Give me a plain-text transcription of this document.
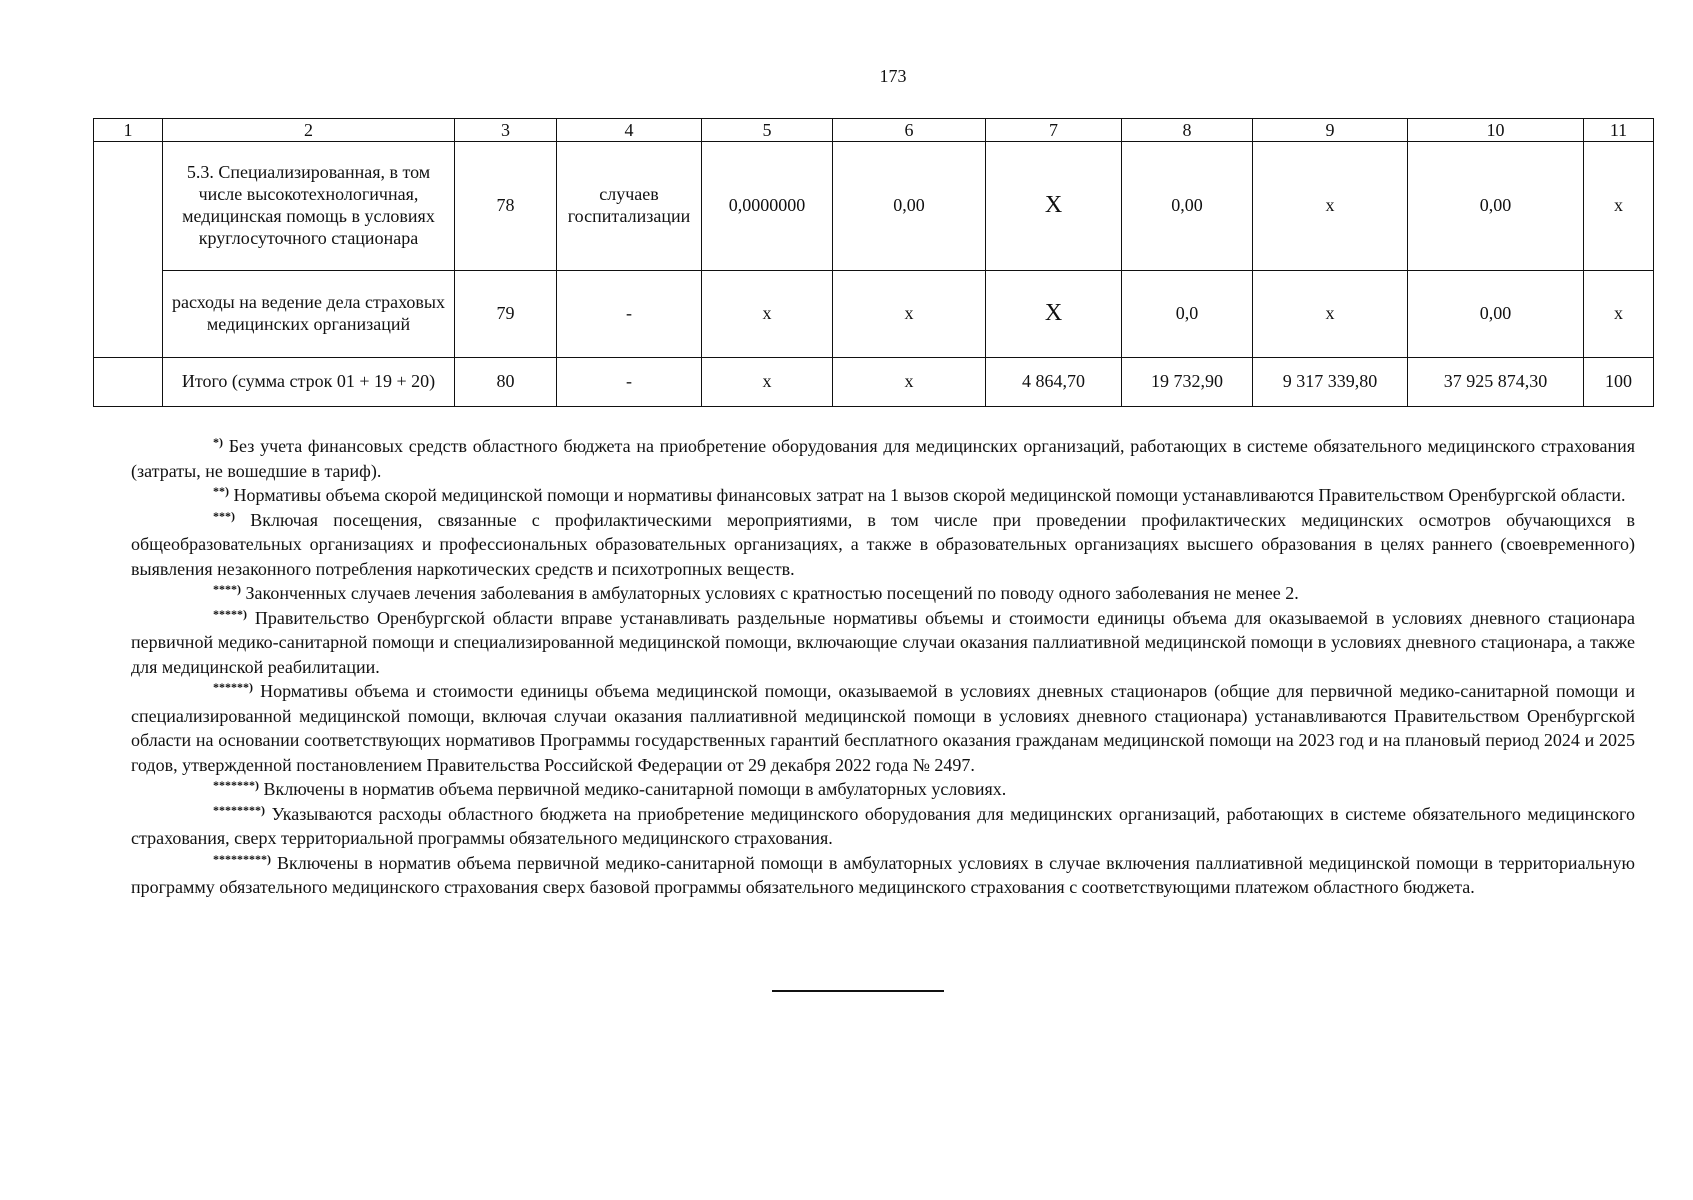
173
1	2	3	4	5	6	7	8	9	10	11
	5.3. Специализированная, в том числе высокотехнологичная, медицинская помощь в условиях круглосуточного стационара	78	случаев госпитализации	0,0000000	0,00	X	0,00	x	0,00	x
	расходы на ведение дела страховых медицинских организаций	79	-	x	x	X	0,0	x	0,00	x
	Итого (сумма строк 01 + 19 + 20)	80	-	x	x	4 864,70	19 732,90	9 317 339,80	37 925 874,30	100

*) Без учета финансовых средств областного бюджета на приобретение оборудования для медицинских организаций, работающих в системе обязательного медицинского страхования (затраты, не вошедшие в тариф).

**) Нормативы объема скорой медицинской помощи и нормативы финансовых затрат на 1 вызов скорой медицинской помощи устанавливаются Правительством Оренбургской области.

***) Включая посещения, связанные с профилактическими мероприятиями, в том числе при проведении профилактических медицинских осмотров обучающихся в общеобразовательных организациях и профессиональных образовательных организациях, а также в образовательных организациях высшего образования в целях раннего (своевременного) выявления незаконного потребления наркотических средств и психотропных веществ.

****) Законченных случаев лечения заболевания в амбулаторных условиях с кратностью посещений по поводу одного заболевания не менее 2.

*****) Правительство Оренбургской области вправе устанавливать раздельные нормативы объемы и стоимости единицы объема для оказываемой в условиях дневного стационара первичной медико-санитарной помощи и специализированной медицинской помощи, включающие случаи оказания паллиативной медицинской помощи в условиях дневного стационара, а также для медицинской реабилитации.

******) Нормативы объема и стоимости единицы объема медицинской помощи, оказываемой в условиях дневных стационаров (общие для первичной медико-санитарной помощи и специализированной медицинской помощи, включая случаи оказания паллиативной медицинской помощи в условиях дневного стационара) устанавливаются Правительством Оренбургской области на основании соответствующих нормативов Программы государственных гарантий бесплатного оказания гражданам медицинской помощи на 2023 год и на плановый период 2024 и 2025 годов, утвержденной постановлением Правительства Российской Федерации от 29 декабря 2022 года № 2497.

*******) Включены в норматив объема первичной медико-санитарной помощи в амбулаторных условиях.

********) Указываются расходы областного бюджета на приобретение медицинского оборудования для медицинских организаций, работающих в системе обязательного медицинского страхования, сверх территориальной программы обязательного медицинского страхования.

*********) Включены в норматив объема первичной медико-санитарной помощи в амбулаторных условиях в случае включения паллиативной медицинской помощи в территориальную программу обязательного медицинского страхования сверх базовой программы обязательного медицинского страхования с соответствующими платежом областного бюджета.
